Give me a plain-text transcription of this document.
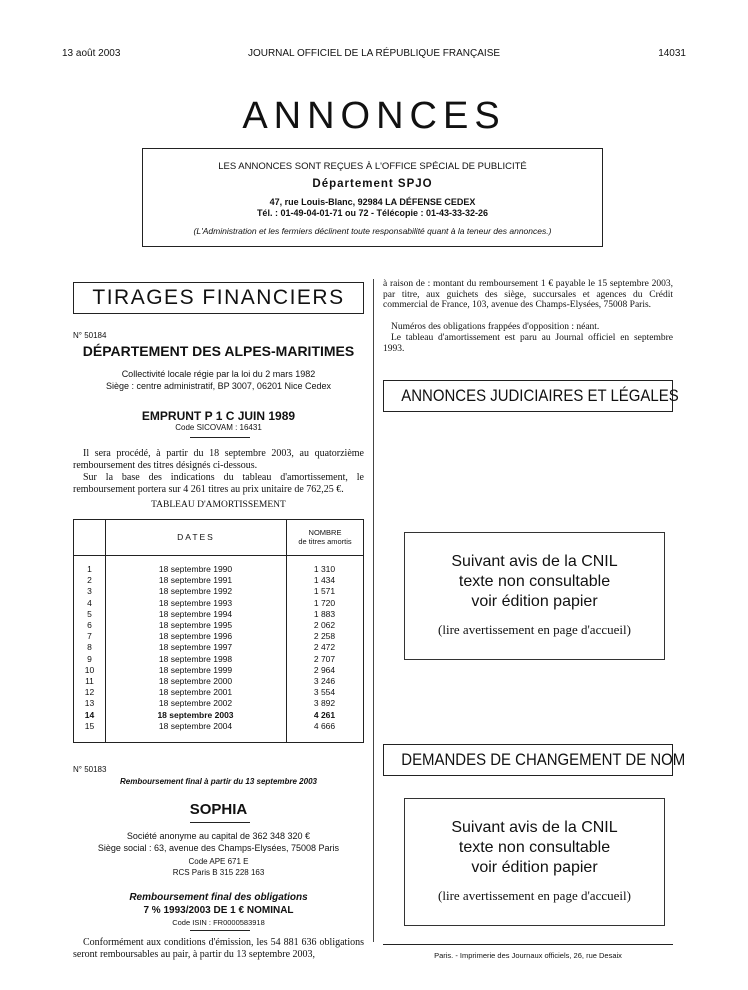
13 août 2003	JOURNAL OFFICIEL DE LA RÉPUBLIQUE FRANÇAISE	14031
ANNONCES
LES ANNONCES SONT REÇUES À L'OFFICE SPÉCIAL DE PUBLICITÉ
Département SPJO
47, rue Louis-Blanc, 92984 LA DÉFENSE CEDEX
Tél. : 01-49-04-01-71 ou 72 - Télécopie : 01-43-33-32-26
(L'Administration et les fermiers déclinent toute responsabilité quant à la teneur des annonces.)
TIRAGES FINANCIERS
N° 50184
DÉPARTEMENT DES ALPES-MARITIMES
Collectivité locale régie par la loi du 2 mars 1982
Siège : centre administratif, BP 3007, 06201 Nice Cedex
EMPRUNT P 1 C JUIN 1989
Code SICOVAM : 16431
Il sera procédé, à partir du 18 septembre 2003, au quatorzième remboursement des titres désignés ci-dessous.
Sur la base des indications du tableau d'amortissement, le remboursement portera sur 4 261 titres au prix unitaire de 762,25 €.
TABLEAU D'AMORTISSEMENT
DATES	NOMBRE
de titres amortis
1	18 septembre 1990	1 310
2	18 septembre 1991	1 434
3	18 septembre 1992	1 571
4	18 septembre 1993	1 720
5	18 septembre 1994	1 883
6	18 septembre 1995	2 062
7	18 septembre 1996	2 258
8	18 septembre 1997	2 472
9	18 septembre 1998	2 707
10	18 septembre 1999	2 964
11	18 septembre 2000	3 246
12	18 septembre 2001	3 554
13	18 septembre 2002	3 892
14	18 septembre 2003	4 261
15	18 septembre 2004	4 666
N° 50183
Remboursement final à partir du 13 septembre 2003
SOPHIA
Société anonyme au capital de 362 348 320 €
Siège social : 63, avenue des Champs-Elysées, 75008 Paris
Code APE 671 E
RCS Paris B 315 228 163
Remboursement final des obligations
7 % 1993/2003 DE 1 € NOMINAL
Code ISIN : FR0000583918
Conformément aux conditions d'émission, les 54 881 636 obligations seront remboursables au pair, à partir du 13 septembre 2003,
à raison de : montant du remboursement 1 € payable le 15 septembre 2003, par titre, aux guichets des siège, succursales et agences du Crédit commercial de France, 103, avenue des Champs-Elysées, 75008 Paris.
Numéros des obligations frappées d'opposition : néant.
Le tableau d'amortissement est paru au Journal officiel en septembre 1993.
ANNONCES JUDICIAIRES ET LÉGALES
Suivant avis de la CNIL
texte non consultable
voir édition papier
(lire avertissement en page d'accueil)
DEMANDES DE CHANGEMENT DE NOM
Suivant avis de la CNIL
texte non consultable
voir édition papier
(lire avertissement en page d'accueil)
Paris. - Imprimerie des Journaux officiels, 26, rue Desaix
